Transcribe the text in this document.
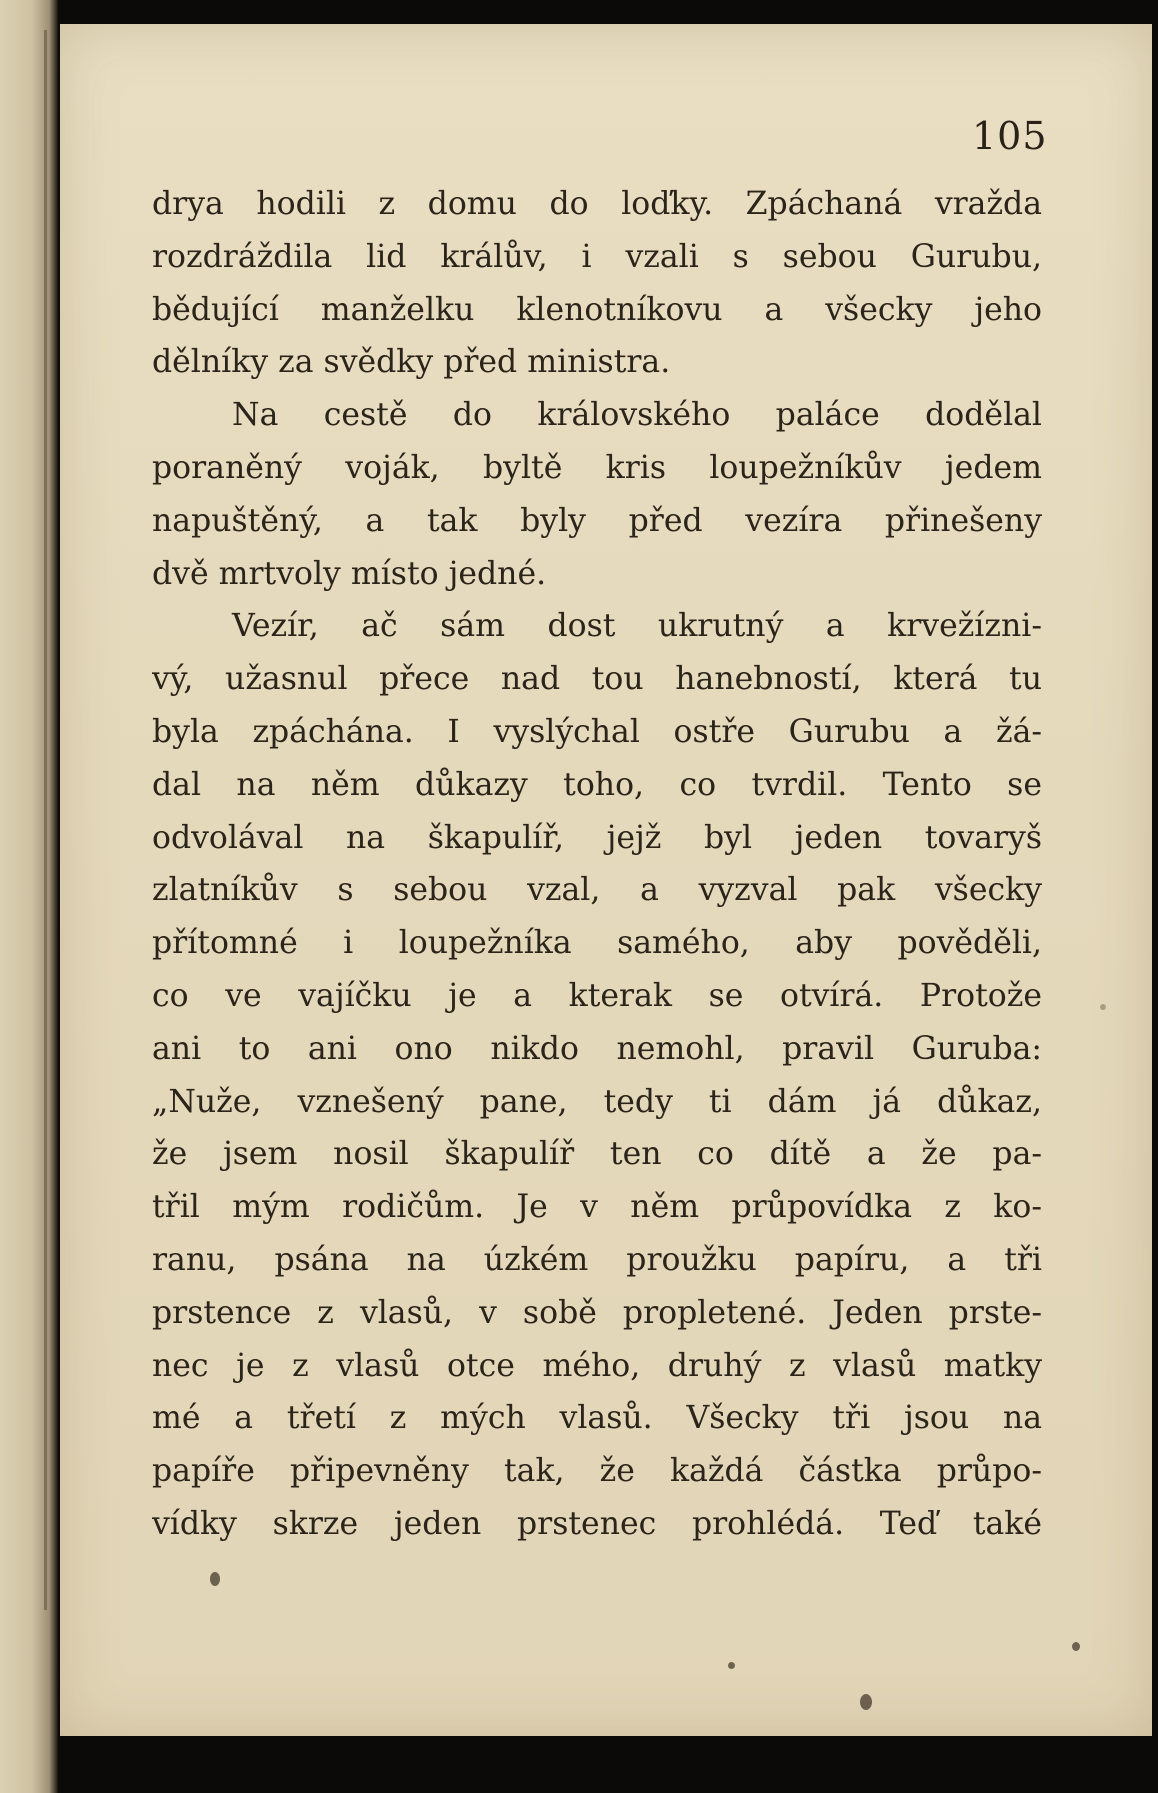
105
dr‍ya hodili z domu do loďky. Zpáchaná vražda
rozdráždila lid králův, i vzali s sebou Gurubu,
bědující manželku klenotníkovu a všecky jeho
dělníky za svědky před ministra.
Na cestě do královského paláce dodělal
poraněný voják, byltě kris loupežníkův jedem
napuštěný, a tak byly před vezíra přinešeny
dvě mrtvoly místo jedné.
Vezír, ač sám dost ukrutný a krvežízni-
vý, užasnul přece nad tou hanebností, která tu
byla zpáchána. I vyslýchal ostře Gurubu a žá-
dal na něm důkazy toho, co tvrdil. Tento se
odvolával na škapulíř, jejž byl jeden tovaryš
zlatníkův s sebou vzal, a vyzval pak všecky
přítomné i loupežníka samého, aby pověděli,
co ve vajíčku je a kterak se otvírá. Protože
ani to ani ono nikdo nemohl, pravil Guruba:
„Nuže, vznešený pane, tedy ti dám já důkaz,
že jsem nosil škapulíř ten co dítě a že pa-
třil mým rodičům. Je v něm průpovídka z ko-
ranu, psána na úzkém proužku papíru, a tři
prstence z vlasů, v sobě propletené. Jeden prste-
nec je z vlasů otce mého, druhý z vlasů matky
mé a třetí z mých vlasů. Všecky tři jsou na
papíře připevněny tak, že každá částka průpo-
vídky skrze jeden prstenec prohlédá. Teď také
